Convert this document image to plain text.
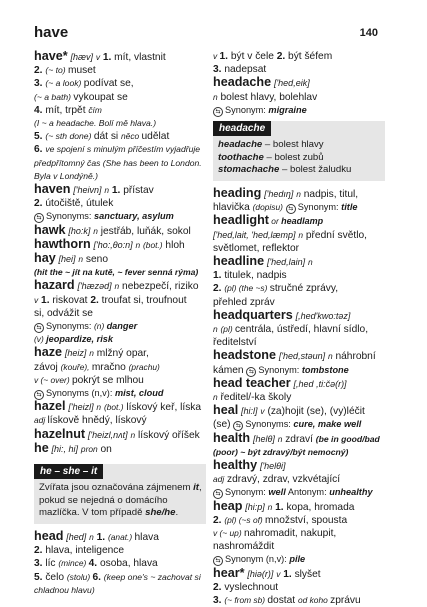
have	140
have* [hæv] v 1. mít, vlastnit
2. (~ to) muset
3. (~ a look) podívat se,
(~ a bath) vykoupat se
4. mít, trpět čím
(I ~ a headache. Bolí mě hlava.)
5. (~ sth done) dát si něco udělat
6. ve spojení s minulým příčestím vyjadřuje
předpřítomný čas (She has been to London.
Byla v Londýně.)
haven ['heivn] n 1. přístav
2. útočiště, útulek
⇆ Synonyms: sanctuary, asylum
hawk [ho:k] n jestřáb, luňák, sokol
hawthorn ['ho:,θo:n] n (bot.) hloh
hay [hei] n seno
(hit the ~ jít na kutě, ~ fever senná rýma)
hazard ['hæzəd] n nebezpečí, riziko
v 1. riskovat 2. troufat si, troufnout
si, odvážit se
⇆ Synonyms: (n) danger
(v) jeopardize, risk
haze [heiz] n mlžný opar,
závoj (kouře), mračno (prachu)
v (~ over) pokrýt se mlhou
⇆ Synonyms (n,v): mist, cloud
hazel ['heizl] n (bot.) lískový keř, líska
adj lískově hnědý, lískový
hazelnut ['heizl,nʌt] n lískový oříšek
he [hi:, hi] pron on
he – she – it
Zvířata jsou označována zájmenem it, pokud se nejedná o domácího mazlíčka. V tom případě she/he.
head [hed] n 1. (anat.) hlava
2. hlava, inteligence
3. líc (mince) 4. osoba, hlava
5. čelo (stolu) 6. (keep one's ~ zachovat si
chladnou hlavu)
v 1. být v čele 2. být šéfem
3. nadepsat
headache ['hed,eik]
n bolest hlavy, bolehlav
⇆ Synonym: migraine
headache
headache – bolest hlavy
toothache – bolest zubů
stomachache – bolest žaludku
heading ['hedıŋ] n nadpis, titul,
hlavička (dopisu) ⇆ Synonym: title
headlight or headlamp
['hed,lait, 'hed,læmp] n přední světlo,
světlomet, reflektor
headline ['hed,lain] n
1. titulek, nadpis
2. (pl) (the ~s) stručné zprávy,
přehled zpráv
headquarters [,hed'kwo:təz]
n (pl) centrála, ústředí, hlavní sídlo,
ředitelství
headstone ['hed,stəun] n náhrobní
kámen ⇆ Synonym: tombstone
head teacher [,hed ,ti:čə(r)]
n ředitel/-ka školy
heal [hi:l] v (za)hojit (se), (vy)léčit
(se) ⇆ Synonyms: cure, make well
health [helθ] n zdraví (be in good/bad
(poor) ~ být zdravý/být nemocný)
healthy ['helθi]
adj zdravý, zdrav, vzkvétající
⇆ Synonym: well Antonym: unhealthy
heap [hi:p] n 1. kopa, hromada
2. (pl) (~s of) množství, spousta
v (~ up) nahromadit, nakupit,
nashromáždit
⇆ Synonym (n,v): pile
hear* [hiə(r)] v 1. slyšet
2. vyslechnout
3. (~ from sb) dostat od koho zprávu
